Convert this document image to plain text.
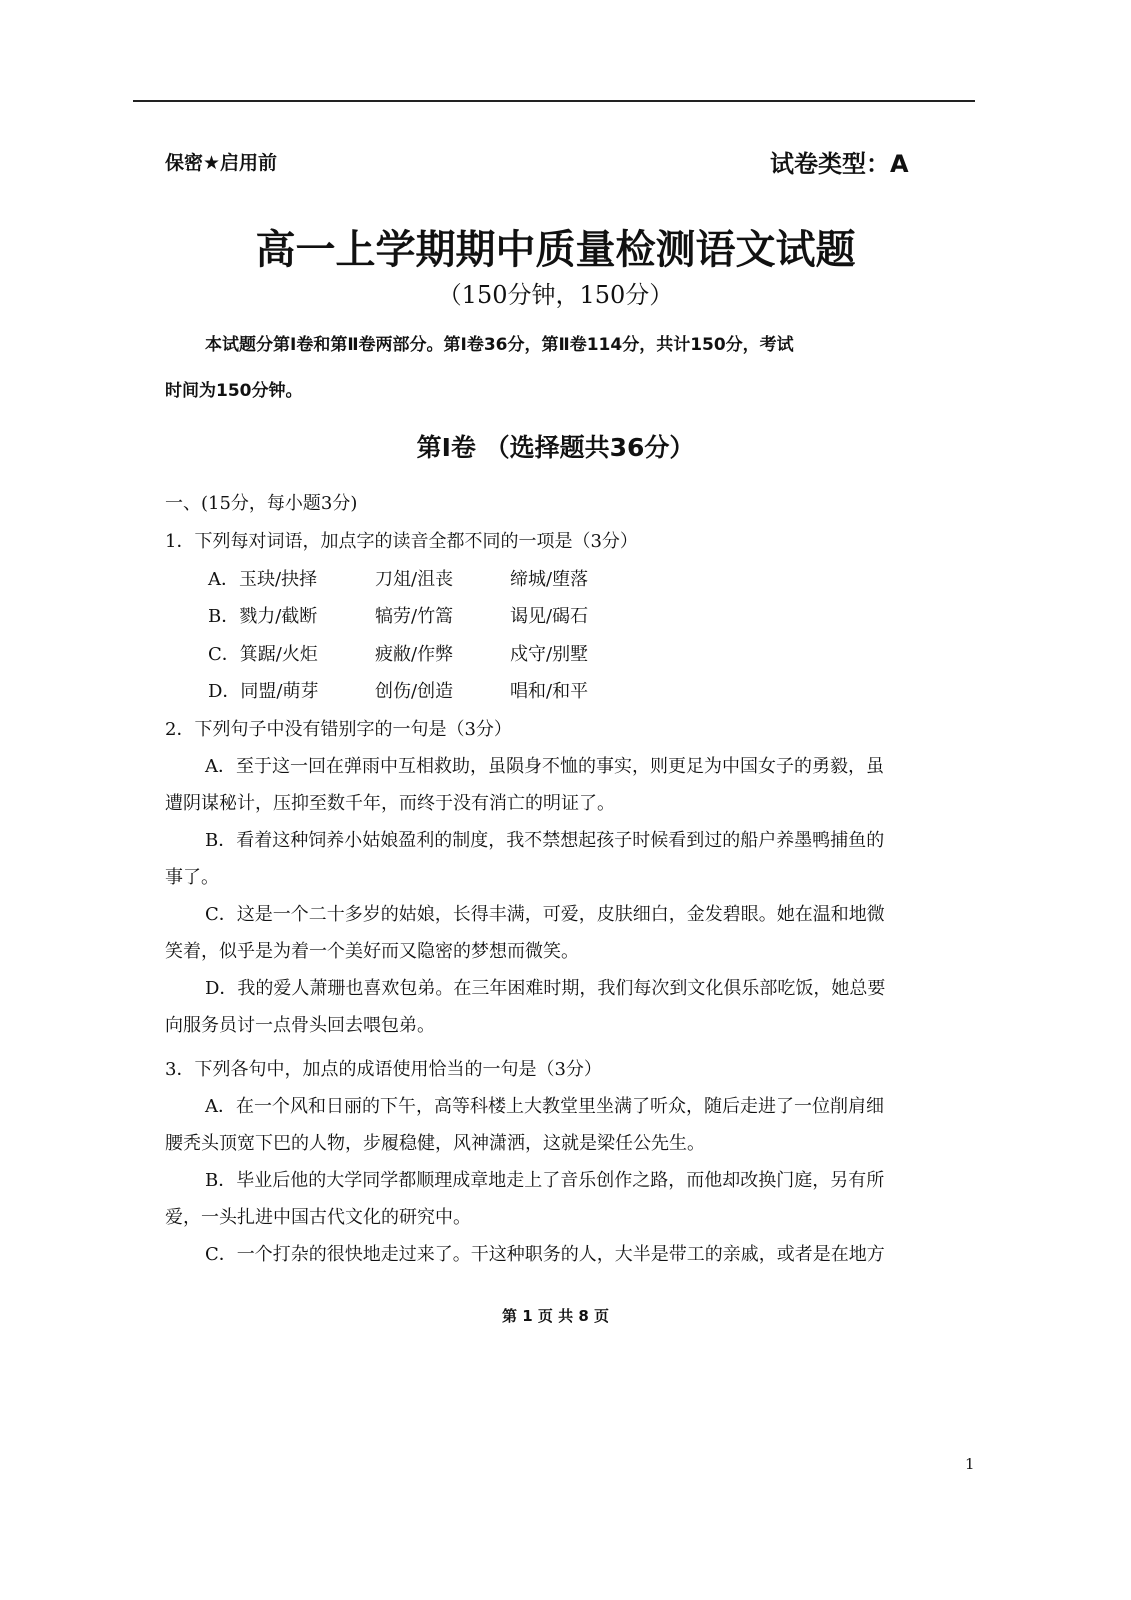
保密★启用前	试卷类型：A
高一上学期期中质量检测语文试题
（150分钟，150分）

本试题分第Ⅰ卷和第Ⅱ卷两部分。第Ⅰ卷36分，第Ⅱ卷114分，共计150分，考试

时间为150分钟。

第Ⅰ卷 （选择题共36分）
一、(15分，每小题3分)
1．下列每对词语，加点字的读音全都不同的一项是（3分）
A．玉玦/抉择	刀俎/沮丧	缔城/堕落
B．戮力/截断	犒劳/竹篙	谒见/碣石
C．箕踞/火炬	疲敝/作弊	戍守/别墅
D．同盟/萌芽	创伤/创造	唱和/和平
2．下列句子中没有错别字的一句是（3分）

A．至于这一回在弹雨中互相救助，虽陨身不恤的事实，则更足为中国女子的勇毅，虽

遭阴谋秘计，压抑至数千年，而终于没有消亡的明证了。

B．看着这种饲养小姑娘盈利的制度，我不禁想起孩子时候看到过的船户养墨鸭捕鱼的

事了。

C．这是一个二十多岁的姑娘，长得丰满，可爱，皮肤细白，金发碧眼。她在温和地微

笑着，似乎是为着一个美好而又隐密的梦想而微笑。

D．我的爱人萧珊也喜欢包弟。在三年困难时期，我们每次到文化俱乐部吃饭，她总要

向服务员讨一点骨头回去喂包弟。

3．下列各句中，加点的成语使用恰当的一句是（3分）

A．在一个风和日丽的下午，高等科楼上大教堂里坐满了听众，随后走进了一位削肩细

腰秃头顶宽下巴的人物，步履稳健，风神潇洒，这就是梁任公先生。

B．毕业后他的大学同学都顺理成章地走上了音乐创作之路，而他却改换门庭，另有所

爱，一头扎进中国古代文化的研究中。

C．一个打杂的很快地走过来了。干这种职务的人，大半是带工的亲戚，或者是在地方

第 1 页 共 8 页
1
